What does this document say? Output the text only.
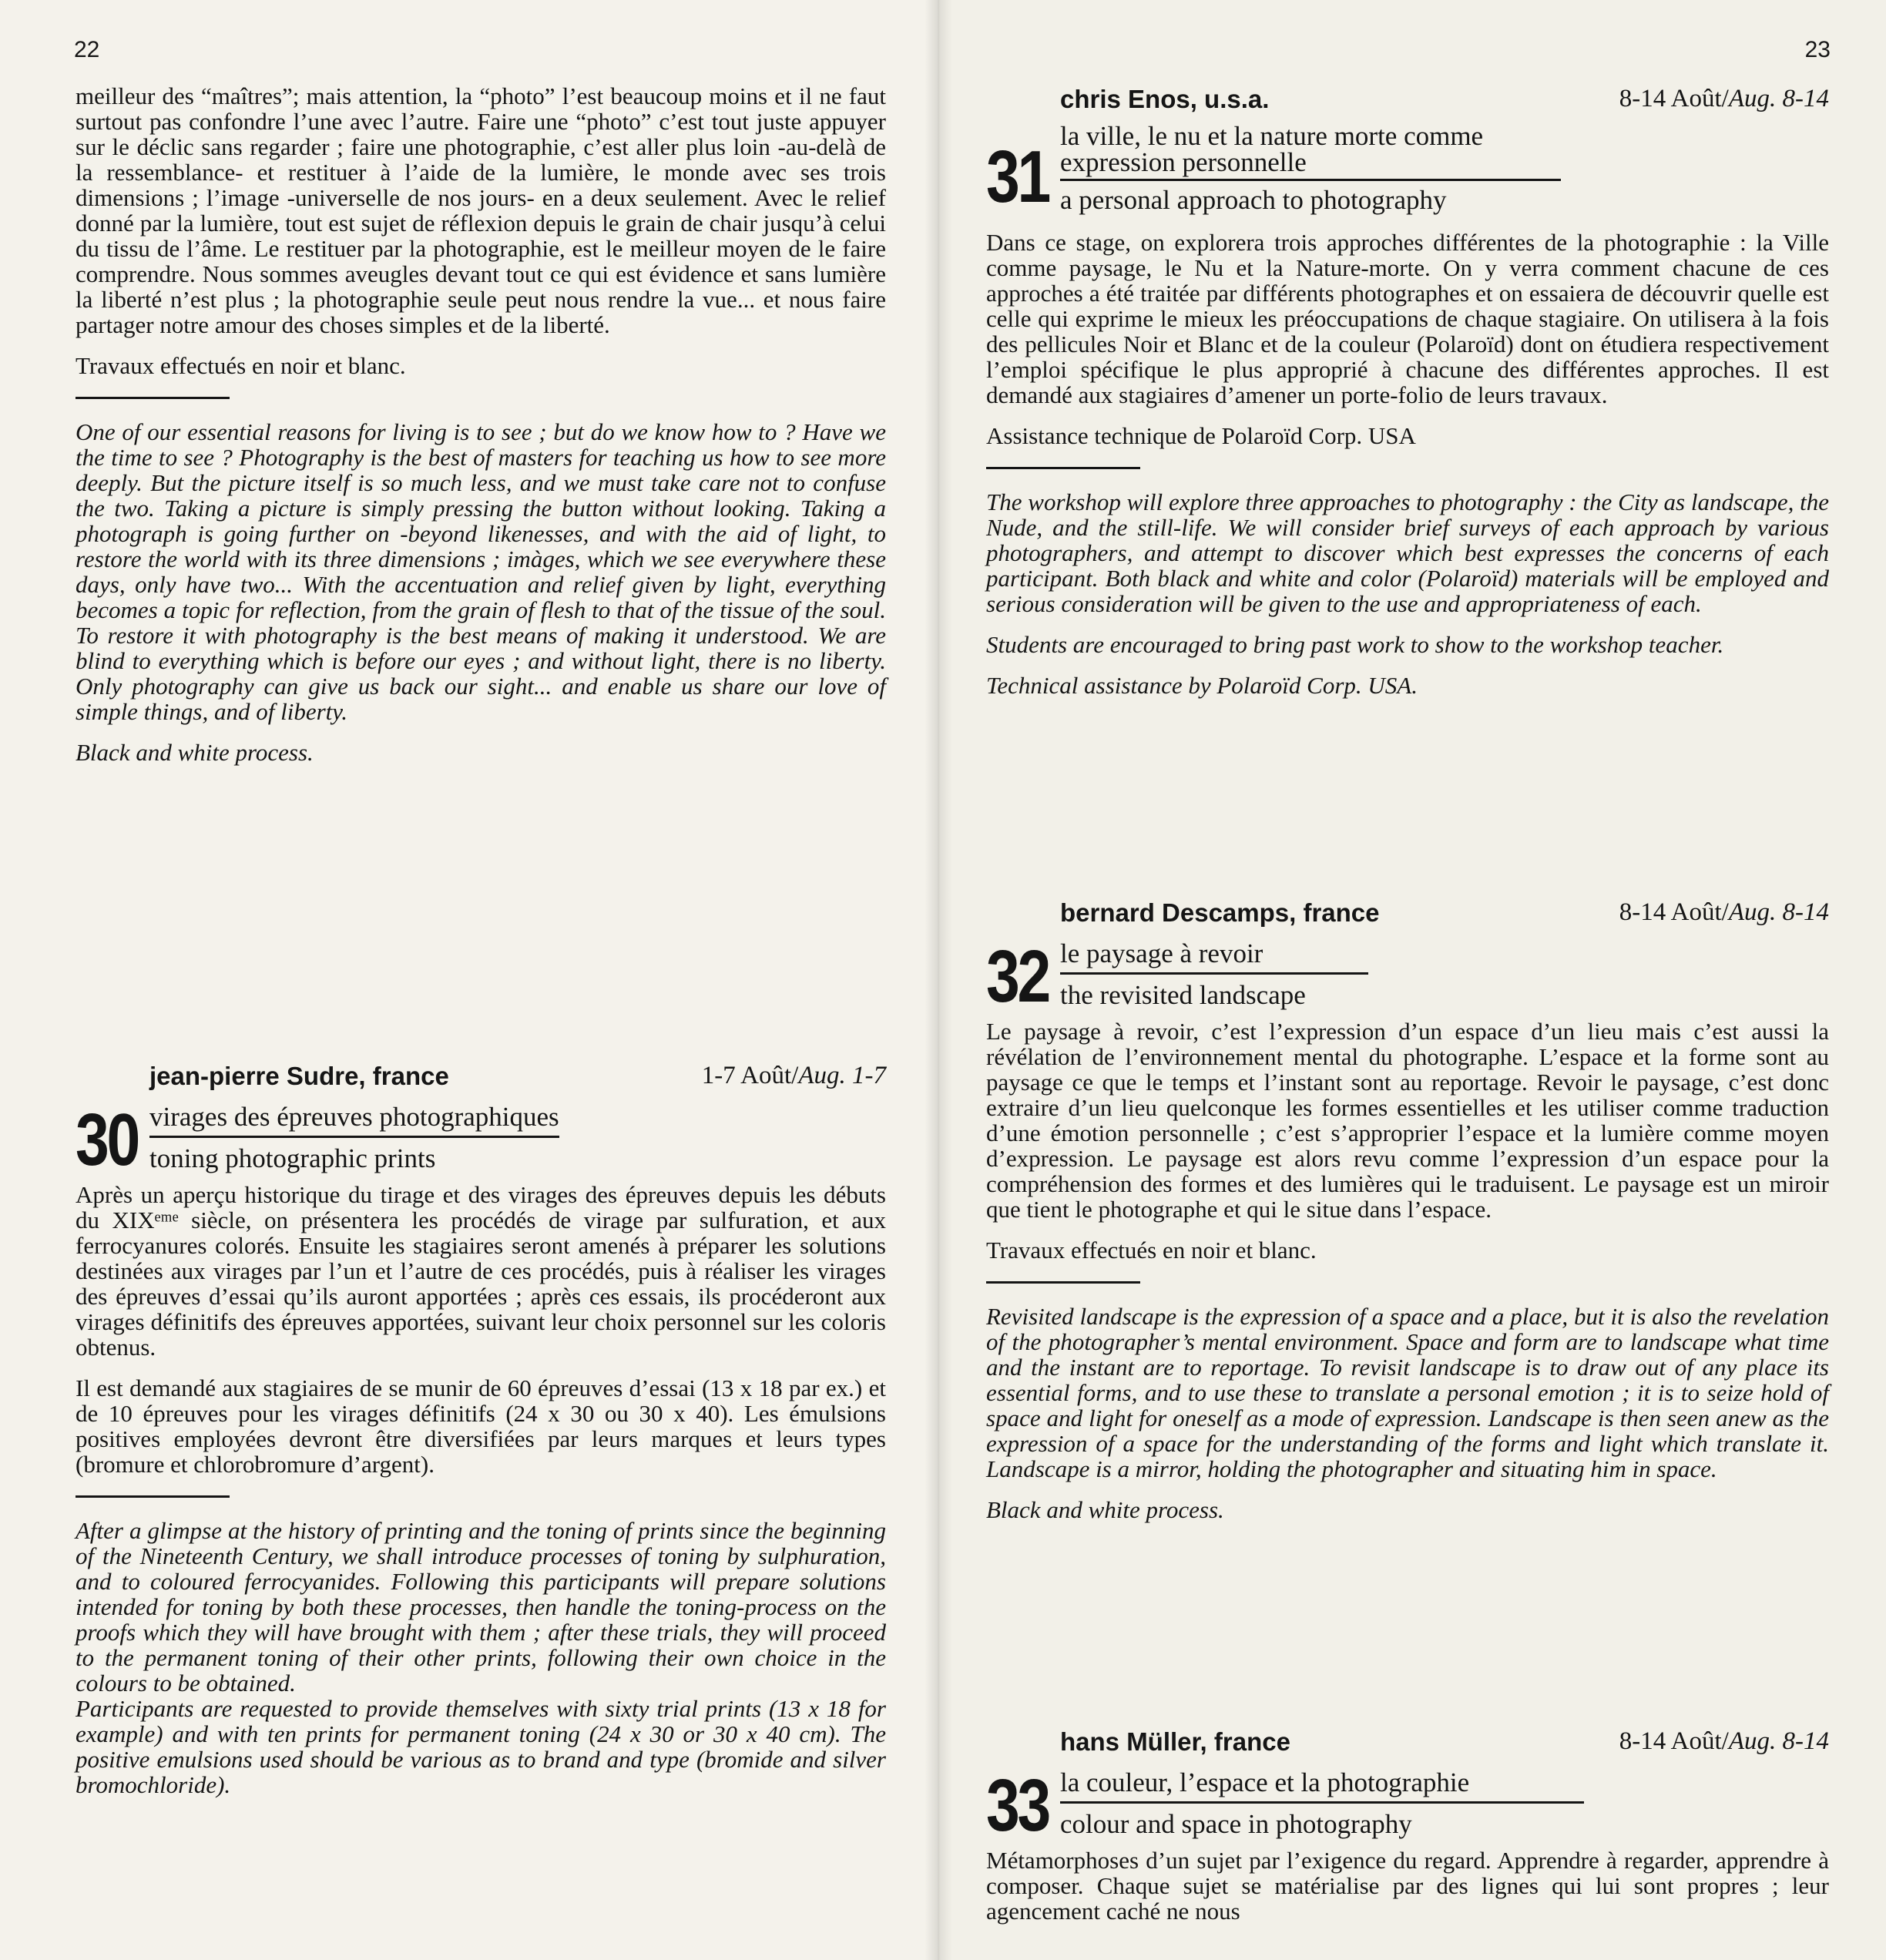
22

meilleur des “maîtres”; mais attention, la “photo” l’est beaucoup moins et il ne faut surtout pas confondre l’une avec l’autre. Faire une “photo” c’est tout juste appuyer sur le déclic sans regarder ; faire une photographie, c’est aller plus loin -au-delà de la ressemblance- et restituer à l’aide de la lumière, le monde avec ses trois dimensions ; l’image -universelle de nos jours- en a deux seulement. Avec le relief donné par la lumière, tout est sujet de réflexion depuis le grain de chair jusqu’à celui du tissu de l’âme. Le restituer par la photographie, est le meilleur moyen de le faire comprendre. Nous sommes aveugles devant tout ce qui est évidence et sans lumière la liberté n’est plus ; la photographie seule peut nous rendre la vue... et nous faire partager notre amour des choses simples et de la liberté.

Travaux effectués en noir et blanc.

One of our essential reasons for living is to see ; but do we know how to ? Have we the time to see ? Photography is the best of masters for teaching us how to see more deeply. But the picture itself is so much less, and we must take care not to confuse the two. Taking a picture is simply pressing the button without looking. Taking a photograph is going further on -beyond likenesses, and with the aid of light, to restore the world with its three dimensions ; imàges, which we see everywhere these days, only have two... With the accentuation and relief given by light, everything becomes a topic for reflection, from the grain of flesh to that of the tissue of the soul. To restore it with photography is the best means of making it understood. We are blind to everything which is before our eyes ; and without light, there is no liberty. Only photography can give us back our sight... and enable us share our love of simple things, and of liberty.

Black and white process.

jean-pierre Sudre, france	1-7 Août/Aug. 1-7
30 virages des épreuves photographiques
toning photographic prints

Après un aperçu historique du tirage et des virages des épreuves depuis les débuts du XIXᵉᵐᵉ siècle, on présentera les procédés de virage par sulfuration, et aux ferrocyanures colorés. Ensuite les stagiaires seront amenés à préparer les solutions destinées aux virages par l’un et l’autre de ces procédés, puis à réaliser les virages des épreuves d’essai qu’ils auront apportées ; après ces essais, ils procéderont aux virages définitifs des épreuves apportées, suivant leur choix personnel sur les coloris obtenus.

Il est demandé aux stagiaires de se munir de 60 épreuves d’essai (13 x 18 par ex.) et de 10 épreuves pour les virages définitifs (24 x 30 ou 30 x 40). Les émulsions positives employées devront être diversifiées par leurs marques et leurs types (bromure et chlorobromure d’argent).

After a glimpse at the history of printing and the toning of prints since the beginning of the Nineteenth Century, we shall introduce processes of toning by sulphuration, and to coloured ferrocyanides. Following this participants will prepare solutions intended for toning by both these processes, then handle the toning-process on the proofs which they will have brought with them ; after these trials, they will proceed to the permanent toning of their other prints, following their own choice in the colours to be obtained.

Participants are requested to provide themselves with sixty trial prints (13 x 18 for example) and with ten prints for permanent toning (24 x 30 or 30 x 40 cm). The positive emulsions used should be various as to brand and type (bromide and silver bromochloride).

23
chris Enos, u.s.a.	8-14 Août/Aug. 8-14
31 la ville, le nu et la nature morte comme expression personnelle
a personal approach to photography

Dans ce stage, on explorera trois approches différentes de la photographie : la Ville comme paysage, le Nu et la Nature-morte. On y verra comment chacune de ces approches a été traitée par différents photographes et on essaiera de découvrir quelle est celle qui exprime le mieux les préoccupations de chaque stagiaire. On utilisera à la fois des pellicules Noir et Blanc et de la couleur (Polaroïd) dont on étudiera respectivement l’emploi spécifique le plus approprié à chacune des différentes approches. Il est demandé aux stagiaires d’amener un porte-folio de leurs travaux.

Assistance technique de Polaroïd Corp. USA

The workshop will explore three approaches to photography : the City as landscape, the Nude, and the still-life. We will consider brief surveys of each approach by various photographers, and attempt to discover which best expresses the concerns of each participant. Both black and white and color (Polaroïd) materials will be employed and serious consideration will be given to the use and appropriateness of each.

Students are encouraged to bring past work to show to the workshop teacher.

Technical assistance by Polaroïd Corp. USA.

bernard Descamps, france	8-14 Août/Aug. 8-14
32 le paysage à revoir
the revisited landscape

Le paysage à revoir, c’est l’expression d’un espace d’un lieu mais c’est aussi la révélation de l’environnement mental du photographe. L’espace et la forme sont au paysage ce que le temps et l’instant sont au reportage. Revoir le paysage, c’est donc extraire d’un lieu quelconque les formes essentielles et les utiliser comme traduction d’une émotion personnelle ; c’est s’approprier l’espace et la lumière comme moyen d’expression. Le paysage est alors revu comme l’expression d’un espace pour la compréhension des formes et des lumières qui le traduisent. Le paysage est un miroir que tient le photographe et qui le situe dans l’espace.

Travaux effectués en noir et blanc.

Revisited landscape is the expression of a space and a place, but it is also the revelation of the photographer’s mental environment. Space and form are to landscape what time and the instant are to reportage. To revisit landscape is to draw out of any place its essential forms, and to use these to translate a personal emotion ; it is to seize hold of space and light for oneself as a mode of expression. Landscape is then seen anew as the expression of a space for the understanding of the forms and light which translate it. Landscape is a mirror, holding the photographer and situating him in space.

Black and white process.

hans Müller, france	8-14 Août/Aug. 8-14
33 la couleur, l’espace et la photographie
colour and space in photography

Métamorphoses d’un sujet par l’exigence du regard. Apprendre à regarder, apprendre à composer. Chaque sujet se matérialise par des lignes qui lui sont propres ; leur agencement caché ne nous
